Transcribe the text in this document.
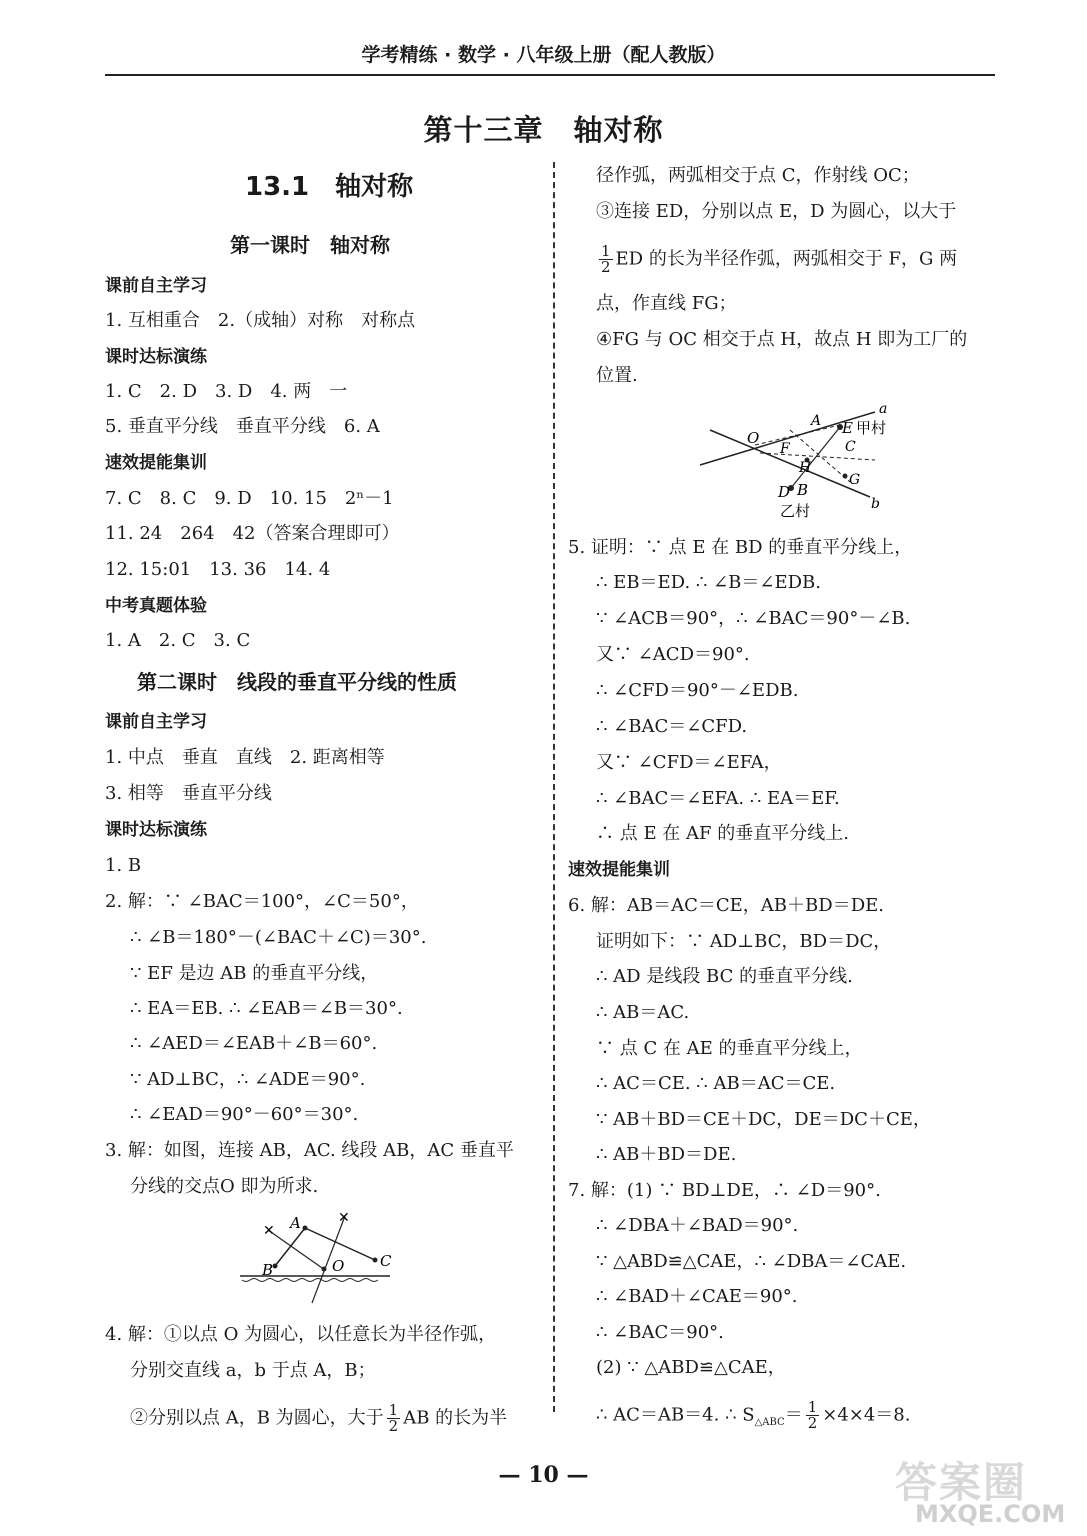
学考精练 · 数学 · 八年级上册（配人教版）
第十三章　轴对称
13.1　轴对称
第一课时　轴对称
课前自主学习
1. 互相重合　2.（成轴）对称　对称点
课时达标演练
1. C　2. D　3. D　4. 两　一
5. 垂直平分线　垂直平分线　6. A
速效提能集训
7. C　8. C　9. D　10. 15　2ⁿ－1
11. 24　264　42（答案合理即可）
12. 15:01　13. 36　14. 4
中考真题体验
1. A　2. C　3. C
第二课时　线段的垂直平分线的性质
课前自主学习
1. 中点　垂直　直线　2. 距离相等
3. 相等　垂直平分线
课时达标演练
1. B
2. 解：∵ ∠BAC＝100°，∠C＝50°，
∴ ∠B＝180°－(∠BAC＋∠C)＝30°.
∵ EF 是边 AB 的垂直平分线，
∴ EA＝EB. ∴ ∠EAB＝∠B＝30°.
∴ ∠AED＝∠EAB＋∠B＝60°.
∵ AD⊥BC，∴ ∠ADE＝90°.
∴ ∠EAD＝90°－60°＝30°.
3. 解：如图，连接 AB，AC. 线段 AB，AC 垂直平
分线的交点O 即为所求.
4. 解：①以点 O 为圆心，以任意长为半径作弧，
分别交直线 a，b 于点 A，B；
②分别以点 A，B 为圆心，大于 $\frac{1}{2}$ AB 的长为半
✕
✕
A
B	C
O
径作弧，两弧相交于点 C，作射线 OC；
③连接 ED，分别以点 E，D 为圆心，以大于
$\frac{1}{2}$ ED 的长为半径作弧，两弧相交于 F，G 两
点，作直线 FG；
④FG 与 OC 相交于点 H，故点 H 即为工厂的
位置.
5. 证明：∵ 点 E 在 BD 的垂直平分线上，
∴ EB＝ED. ∴ ∠B＝∠EDB.
∵ ∠ACB＝90°，∴ ∠BAC＝90°－∠B.
又∵ ∠ACD＝90°.
∴ ∠CFD＝90°－∠EDB.
∴ ∠BAC＝∠CFD.
又∵ ∠CFD＝∠EFA，
∴ ∠BAC＝∠EFA. ∴ EA＝EF.
∴ 点 E 在 AF 的垂直平分线上.
速效提能集训
6. 解：AB＝AC＝CE，AB＋BD＝DE.
证明如下：∵ AD⊥BC，BD＝DC，
∴ AD 是线段 BC 的垂直平分线.
∴ AB＝AC.
∵ 点 C 在 AE 的垂直平分线上，
∴ AC＝CE. ∴ AB＝AC＝CE.
∵ AB＋BD＝CE＋DC，DE＝DC＋CE，
∴ AB＋BD＝DE.
7. 解：(1) ∵ BD⊥DE，∴ ∠D＝90°.
∴ ∠DBA＋∠BAD＝90°.
∵ △ABD≌△CAE，∴ ∠DBA＝∠CAE.
∴ ∠BAD＋∠CAE＝90°.
∴ ∠BAC＝90°.
(2) ∵ △ABD≌△CAE，
∴ AC＝AB＝4. ∴ $S_{\triangle ABC}= \frac{1}{2} \times 4\times 4=8$.
a
b
O
A E 甲村
C
F
H
G
D B
乙村
— 10 —	答案圈
MXQE.COM
